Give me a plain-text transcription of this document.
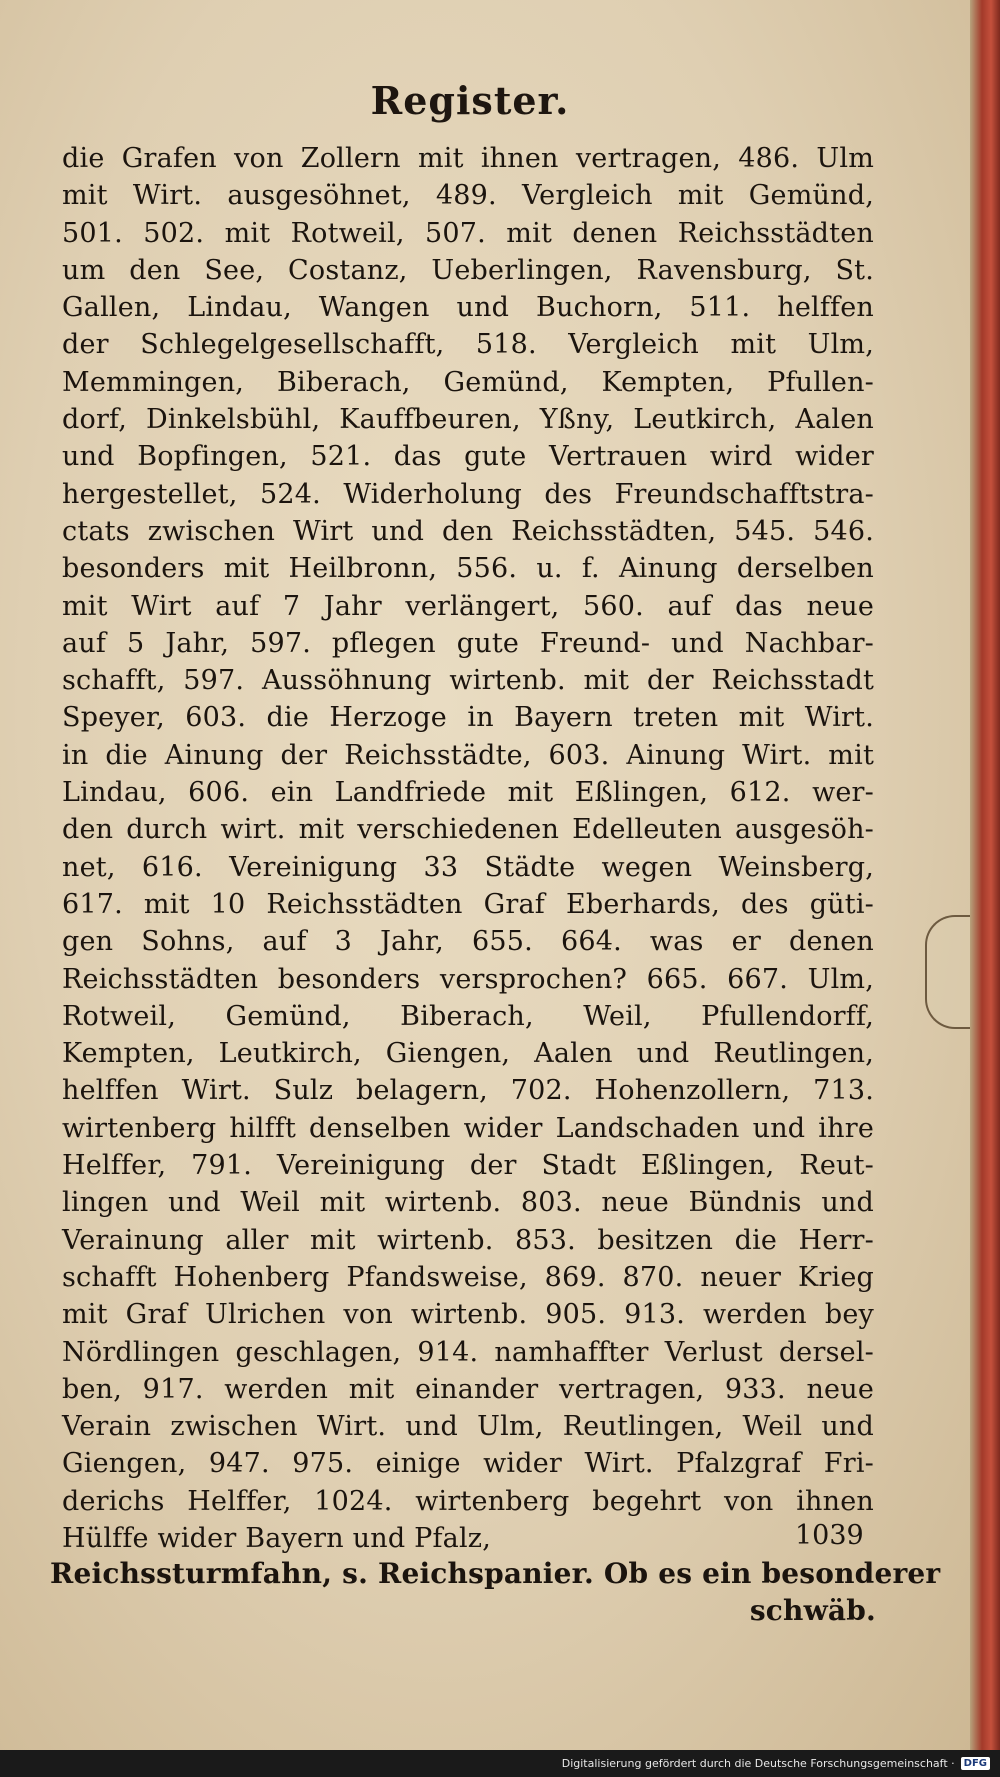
Register.
die Grafen von Zollern mit ihnen vertragen, 486. Ulm
mit Wirt. ausgesöhnet, 489. Vergleich mit Gemünd,
501. 502. mit Rotweil, 507. mit denen Reichsstädten
um den See, Costanz, Ueberlingen, Ravensburg, St.
Gallen, Lindau, Wangen und Buchorn, 511. helffen
der Schlegelgesellschafft, 518. Vergleich mit Ulm,
Memmingen, Biberach, Gemünd, Kempten, Pfullen-
dorf, Dinkelsbühl, Kauffbeuren, Yßny, Leutkirch, Aalen
und Bopfingen, 521. das gute Vertrauen wird wider
hergestellet, 524. Widerholung des Freundschafftstra-
ctats zwischen Wirt und den Reichsstädten, 545. 546.
besonders mit Heilbronn, 556. u. f. Ainung derselben
mit Wirt auf 7 Jahr verlängert, 560. auf das neue
auf 5 Jahr, 597. pflegen gute Freund- und Nachbar-
schafft, 597. Aussöhnung wirtenb. mit der Reichsstadt
Speyer, 603. die Herzoge in Bayern treten mit Wirt.
in die Ainung der Reichsstädte, 603. Ainung Wirt. mit
Lindau, 606. ein Landfriede mit Eßlingen, 612. wer-
den durch wirt. mit verschiedenen Edelleuten ausgesöh-
net, 616. Vereinigung 33 Städte wegen Weinsberg,
617. mit 10 Reichsstädten Graf Eberhards, des güti-
gen Sohns, auf 3 Jahr, 655. 664. was er denen
Reichsstädten besonders versprochen? 665. 667. Ulm,
Rotweil, Gemünd, Biberach, Weil, Pfullendorff,
Kempten, Leutkirch, Giengen, Aalen und Reutlingen,
helffen Wirt. Sulz belagern, 702. Hohenzollern, 713.
wirtenberg hilfft denselben wider Landschaden und ihre
Helffer, 791. Vereinigung der Stadt Eßlingen, Reut-
lingen und Weil mit wirtenb. 803. neue Bündnis und
Verainung aller mit wirtenb. 853. besitzen die Herr-
schafft Hohenberg Pfandsweise, 869. 870. neuer Krieg
mit Graf Ulrichen von wirtenb. 905. 913. werden bey
Nördlingen geschlagen, 914. namhaffter Verlust dersel-
ben, 917. werden mit einander vertragen, 933. neue
Verain zwischen Wirt. und Ulm, Reutlingen, Weil und
Giengen, 947. 975. einige wider Wirt. Pfalzgraf Fri-
derichs Helffer, 1024. wirtenberg begehrt von ihnen
Hülffe wider Bayern und Pfalz,	1039
Reichssturmfahn, s. Reichspanier. Ob es ein besonderer
schwäb.
Digitalisierung gefördert durch die Deutsche Forschungsgemeinschaft · DFG
